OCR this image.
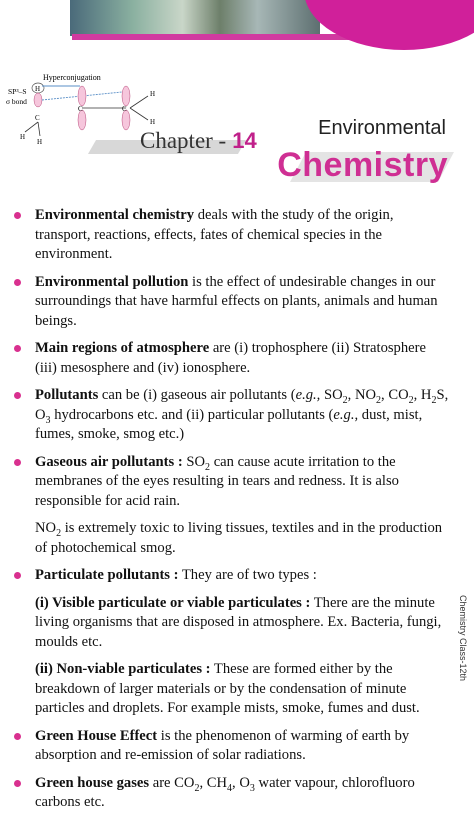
Hyperconjugation
SP³–S
σ bond
H
C
H
H
C	C
H
H
Chapter - 14	Environmental
Chemistry
Environmental chemistry deals with the study of the origin, transport, reactions, effects, fates of chemical species in the environment.
Environmental pollution is the effect of undesirable changes in our surroundings that have harmful effects on plants, animals and human beings.
Main regions of atmosphere are (i) trophosphere (ii) Stratosphere (iii) mesosphere and (iv) ionosphere.
Pollutants can be (i) gaseous air pollutants (e.g., $SO_2$, $NO_2$, $CO_2$, $H_2S$, $O_3$ hydrocarbons etc. and (ii) particular pollutants (e.g., dust, mist, fumes, smoke, smog etc.)
Gaseous air pollutants : $SO_2$ can cause acute irritation to the membranes of the eyes resulting in tears and redness. It is also responsible for acid rain.
$NO_2$ is extremely toxic to living tissues, textiles and in the production of photochemical smog.
Particulate pollutants : They are of two types :
(i) Visible particulate or viable particulates : There are the minute living organisms that are disposed in atmosphere. Ex. Bacteria, fungi, moulds etc.
(ii) Non-viable particulates : These are formed either by the breakdown of larger materials or by the condensation of minute particles and droplets. For example mists, smoke, fumes and dust.
Green House Effect is the phenomenon of warming of earth by absorption and re-emission of solar radiations.
Green house gases are $CO_2$, $CH_4$, $O_3$ water vapour, chlorofluoro carbons etc.
Chemistry Class-12th
